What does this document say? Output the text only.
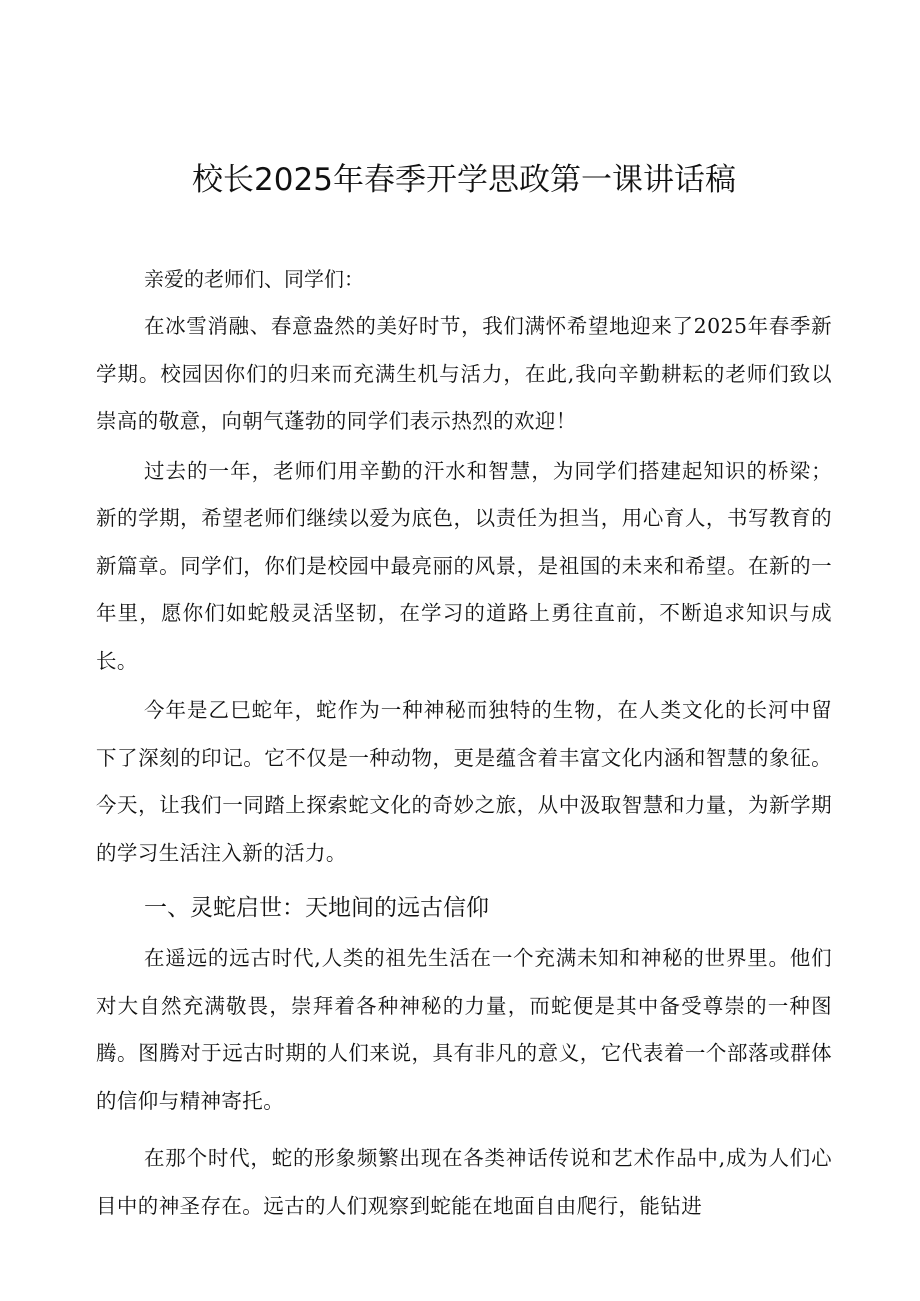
校长2025年春季开学思政第一课讲话稿

亲爱的老师们、同学们：

在冰雪消融、春意盎然的美好时节，我们满怀希望地迎来了2025年春季新学期。校园因你们的归来而充满生机与活力，在此,我向辛勤耕耘的老师们致以崇高的敬意，向朝气蓬勃的同学们表示热烈的欢迎！

过去的一年，老师们用辛勤的汗水和智慧，为同学们搭建起知识的桥梁；新的学期，希望老师们继续以爱为底色，以责任为担当，用心育人，书写教育的新篇章。同学们，你们是校园中最亮丽的风景，是祖国的未来和希望。在新的一年里，愿你们如蛇般灵活坚韧，在学习的道路上勇往直前，不断追求知识与成长。

今年是乙巳蛇年，蛇作为一种神秘而独特的生物，在人类文化的长河中留下了深刻的印记。它不仅是一种动物，更是蕴含着丰富文化内涵和智慧的象征。今天，让我们一同踏上探索蛇文化的奇妙之旅，从中汲取智慧和力量，为新学期的学习生活注入新的活力。

一、灵蛇启世：天地间的远古信仰

在遥远的远古时代,人类的祖先生活在一个充满未知和神秘的世界里。他们对大自然充满敬畏，崇拜着各种神秘的力量，而蛇便是其中备受尊崇的一种图腾。图腾对于远古时期的人们来说，具有非凡的意义，它代表着一个部落或群体的信仰与精神寄托。

在那个时代，蛇的形象频繁出现在各类神话传说和艺术作品中,成为人们心目中的神圣存在。远古的人们观察到蛇能在地面自由爬行，能钻进
